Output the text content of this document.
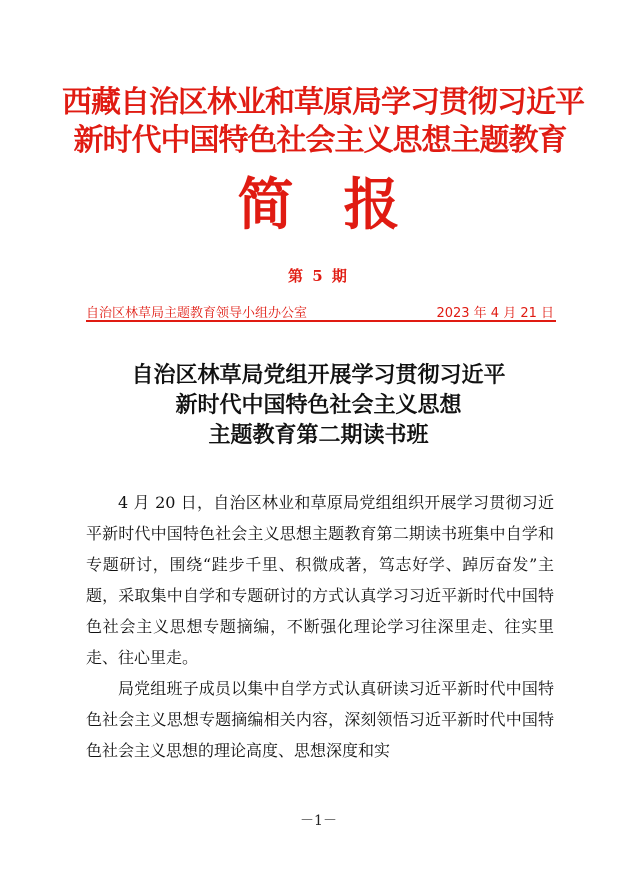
西藏自治区林业和草原局学习贯彻习近平
新时代中国特色社会主义思想主题教育
简报
第 5 期
自治区林草局主题教育领导小组办公室	2023 年 4 月 21 日
自治区林草局党组开展学习贯彻习近平
新时代中国特色社会主义思想
主题教育第二期读书班

4 月 20 日，自治区林业和草原局党组组织开展学习贯彻习近平新时代中国特色社会主义思想主题教育第二期读书班集中自学和专题研讨，围绕“跬步千里、积微成著，笃志好学、踔厉奋发”主题，采取集中自学和专题研讨的方式认真学习习近平新时代中国特色社会主义思想专题摘编，不断强化理论学习往深里走、往实里走、往心里走。

局党组班子成员以集中自学方式认真研读习近平新时代中国特色社会主义思想专题摘编相关内容，深刻领悟习近平新时代中国特色社会主义思想的理论高度、思想深度和实

－1－
